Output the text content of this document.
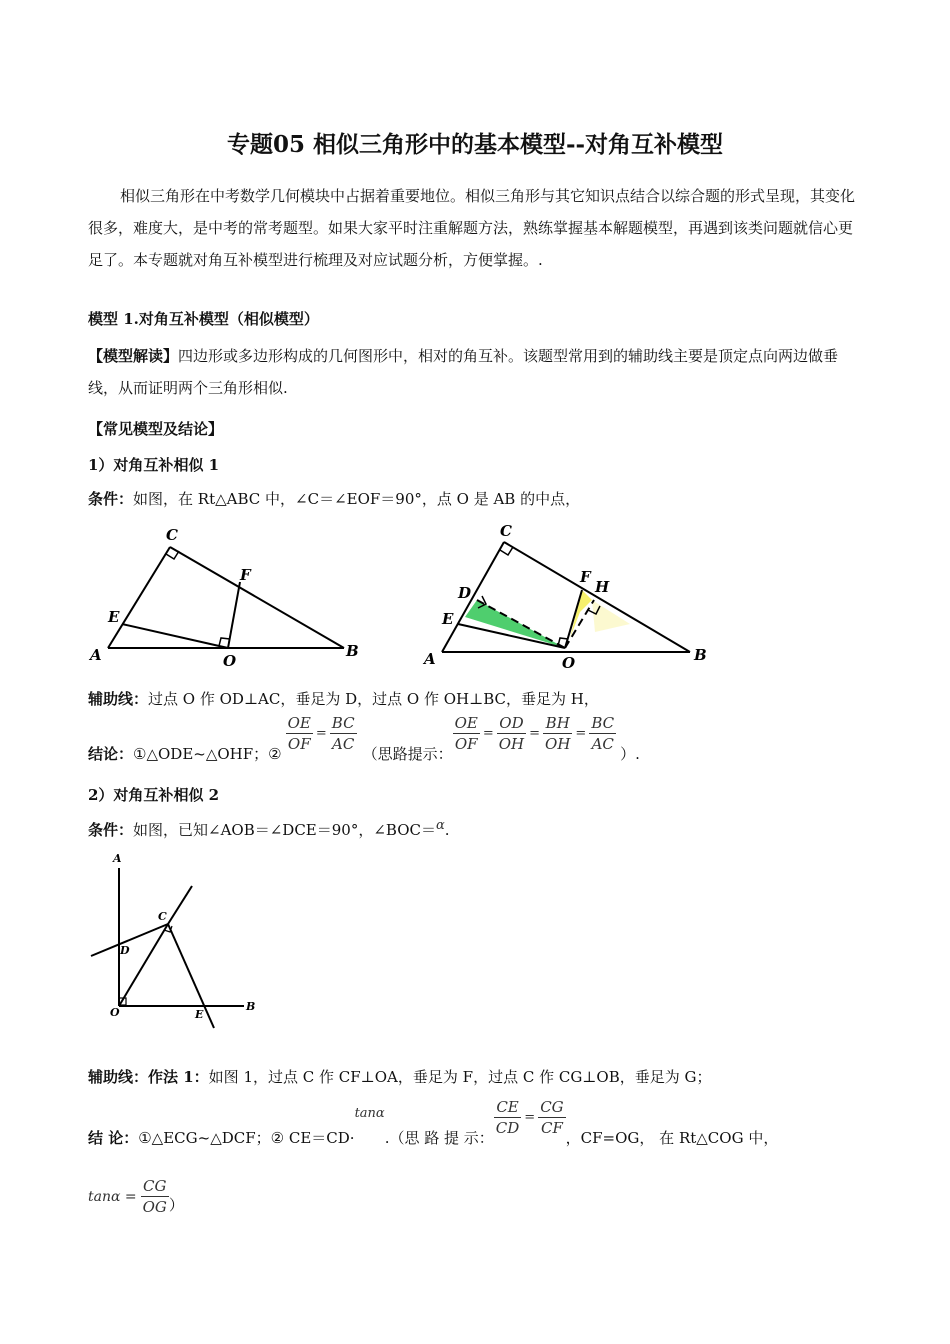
专题05 相似三角形中的基本模型--对角互补模型
相似三角形在中考数学几何模块中占据着重要地位。相似三角形与其它知识点结合以综合题的形式呈现，其变化很多，难度大，是中考的常考题型。如果大家平时注重解题方法，熟练掌握基本解题模型，再遇到该类问题就信心更足了。本专题就对角互补模型进行梳理及对应试题分析，方便掌握。.
模型 1.对角互补模型（相似模型）
【模型解读】四边形或多边形构成的几何图形中，相对的角互补。该题型常用到的辅助线主要是顶定点向两边做垂线，从而证明两个三角形相似.
【常见模型及结论】
1）对角互补相似 1
条件：如图，在 Rt△ABC 中，∠C＝∠EOF＝90°，点 O 是 AB 的中点，
C
F
E
A	O
B
C
F
H
D
E
A	O	B
辅助线：过点 O 作 OD⊥AC，垂足为 D，过点 O 作 OH⊥BC，垂足为 H，
结论： ①△ODE~△OHF；②
$\frac{OE}{OF} = \frac{BC}{AC}$
（思路提示：
$\frac{OE}{OF} = \frac{OD}{OH} = \frac{BH}{OH} = \frac{BC}{AC}$
）.
2）对角互补相似 2
条件：如图，已知∠AOB＝∠DCE＝90°，∠BOC＝$^\alpha$.
A
C
D
O	E
B
辅助线：作法 1：如图 1，过点 C 作 CF⊥OA，垂足为 F，过点 C 作 CG⊥OB，垂足为 G；
结 论： ①△ECG~△DCF；② CE＝CD·
tanα
.（思 路 提 示：
$\frac{CE}{CD} = \frac{CG}{CF}$
，CF=OG， 在 Rt△COG 中，
$\tan\alpha = \frac{CG}{OG}$ ）
